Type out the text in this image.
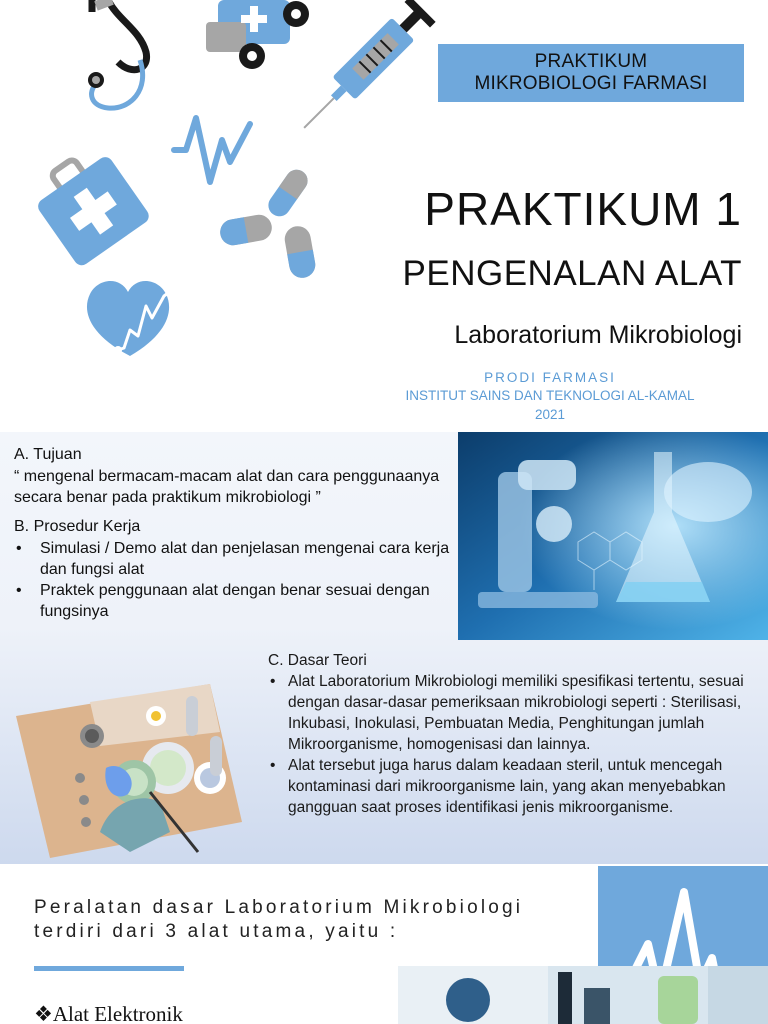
PRAKTIKUM
MIKROBIOLOGI FARMASI
PRAKTIKUM 1
PENGENALAN ALAT
Laboratorium Mikrobiologi
PRODI FARMASI
INSTITUT SAINS DAN TEKNOLOGI AL-KAMAL
2021
A. Tujuan
“ mengenal bermacam-macam alat dan cara penggunaanya secara benar pada praktikum mikrobiologi ”
B. Prosedur Kerja
• Simulasi / Demo alat dan penjelasan mengenai cara kerja dan fungsi alat
• Praktek penggunaan alat dengan benar sesuai dengan fungsinya
C. Dasar Teori
• Alat Laboratorium Mikrobiologi memiliki spesifikasi tertentu, sesuai dengan dasar-dasar pemeriksaan mikrobiologi seperti : Sterilisasi, Inkubasi, Inokulasi, Pembuatan Media, Penghitungan jumlah Mikroorganisme, homogenisasi dan lainnya.
• Alat tersebut juga harus dalam keadaan steril, untuk mencegah kontaminasi dari mikroorganisme lain, yang akan menyebabkan gangguan saat proses identifikasi jenis mikroorganisme.
Peralatan dasar Laboratorium Mikrobiologi terdiri dari 3 alat utama, yaitu :
❖Alat Elektronik
